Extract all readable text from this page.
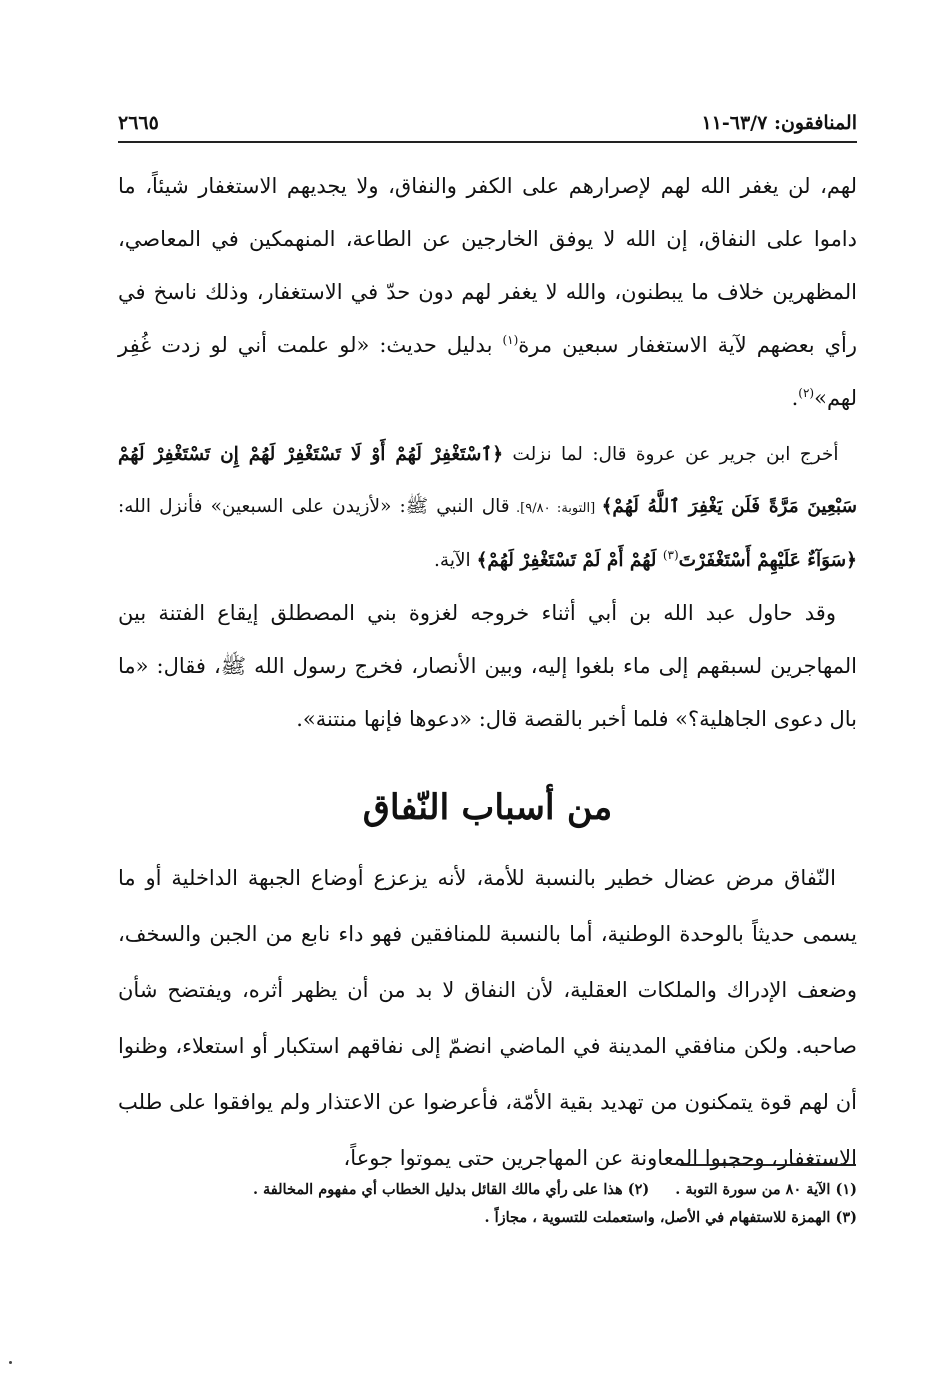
المنافقون: ٦٣/٧-١١
٢٦٦٥

لهم، لن يغفر الله لهم لإصرارهم على الكفر والنفاق، ولا يجديهم الاستغفار شيئاً، ما داموا على النفاق، إن الله لا يوفق الخارجين عن الطاعة، المنهمكين في المعاصي، المظهرين خلاف ما يبطنون، والله لا يغفر لهم دون حدّ في الاستغفار، وذلك ناسخ في رأي بعضهم لآية الاستغفار سبعين مرة$^{(١)}$ بدليل حديث: «لو علمت أني لو زدت غُفِر لهم»$^{(٢)}$.

 أخرج ابن جرير عن عروة قال: لما نزلت ﴿ٱسْتَغْفِرْ لَهُمْ أَوْ لَا تَسْتَغْفِرْ لَهُمْ إِن تَسْتَغْفِرْ لَهُمْ سَبْعِينَ مَرَّةً فَلَن يَغْفِرَ ٱللَّهُ لَهُمْ﴾ [التوبة: ٩/٨٠]. قال النبي ﷺ: «لأزيدن على السبعين» فأنزل الله: ﴿سَوَآءٌ عَلَيْهِمْ أَسْتَغْفَرْتَ$^{(٣)}$ لَهُمْ أَمْ لَمْ تَسْتَغْفِرْ لَهُمْ﴾ الآية.

 وقد حاول عبد الله بن أبي أثناء خروجه لغزوة بني المصطلق إيقاع الفتنة بين المهاجرين لسبقهم إلى ماء بلغوا إليه، وبين الأنصار، فخرج رسول الله ﷺ، فقال: «ما بال دعوى الجاهلية؟» فلما أخبر بالقصة قال: «دعوها فإنها منتنة».

من أسباب النّفاق

 النّفاق مرض عضال خطير بالنسبة للأمة، لأنه يزعزع أوضاع الجبهة الداخلية أو ما يسمى حديثاً بالوحدة الوطنية، أما بالنسبة للمنافقين فهو داء نابع من الجبن والسخف، وضعف الإدراك والملكات العقلية، لأن النفاق لا بد من أن يظهر أثره، ويفتضح شأن صاحبه. ولكن منافقي المدينة في الماضي انضمّ إلى نفاقهم استكبار أو استعلاء، وظنوا أن لهم قوة يتمكنون من تهديد بقية الأمّة، فأعرضوا عن الاعتذار ولم يوافقوا على طلب الاستغفار، وحجبوا المعاونة عن المهاجرين حتى يموتوا جوعاً،

(١) الآية ٨٠ من سورة التوبة .
(٢) هذا على رأي مالك القائل بدليل الخطاب أي مفهوم المخالفة .
(٣) الهمزة للاستفهام في الأصل، واستعملت للتسوية ، مجازاً .
